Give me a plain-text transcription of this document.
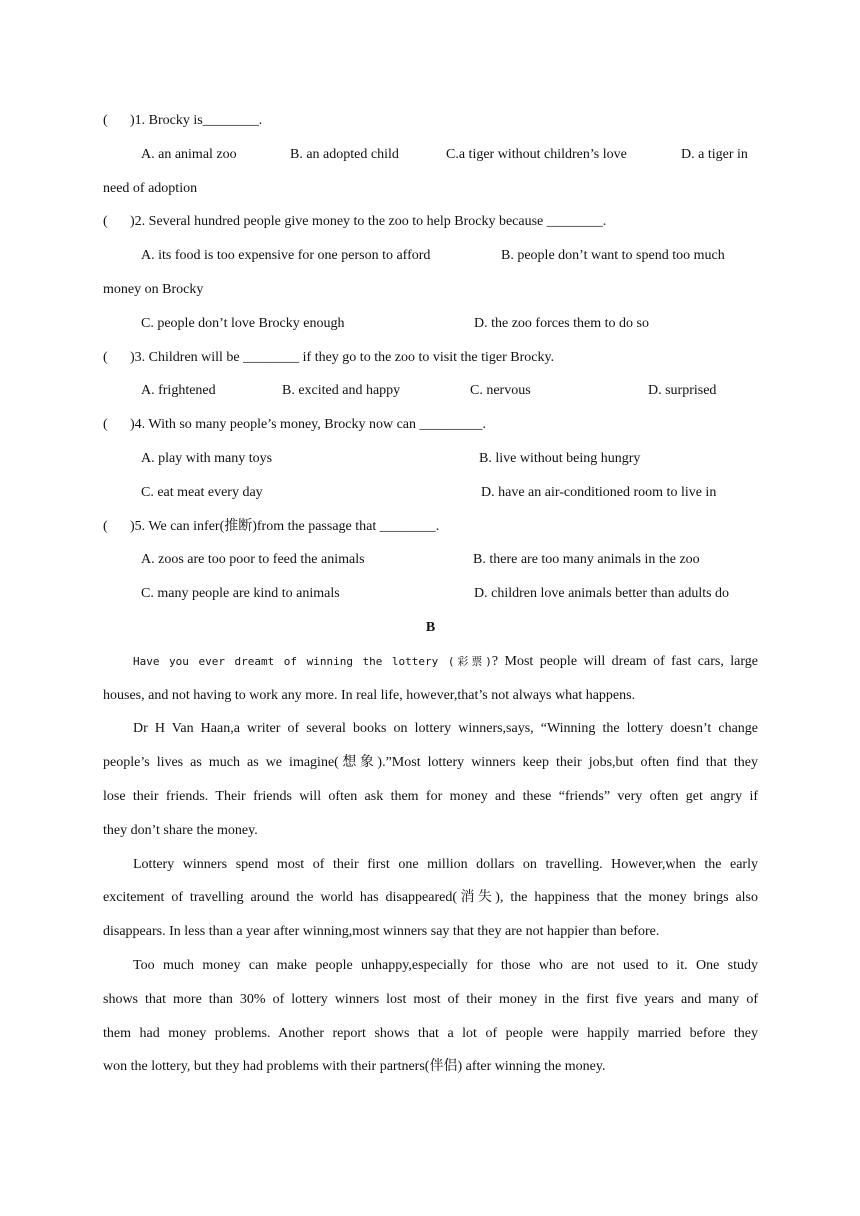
( )1. Brocky is________.
A. an animal zoo	B. an adopted child	C.a tiger without children’s love	D. a tiger in
need of adoption
( )2. Several hundred people give money to the zoo to help Brocky because ________.
A. its food is too expensive for one person to afford	B. people don’t want to spend too much
money on Brocky
C. people don’t love Brocky enough	D. the zoo forces them to do so
( )3. Children will be ________ if they go to the zoo to visit the tiger Brocky.
A. frightened	B. excited and happy	C. nervous	D. surprised
( )4. With so many people’s money, Brocky now can _________.
A. play with many toys	B. live without being hungry
C. eat meat every day	D. have an air-conditioned room to live in
( )5. We can infer(推断)from the passage that ________.
A. zoos are too poor to feed the animals	B. there are too many animals in the zoo
C. many people are kind to animals	D. children love animals better than adults do
B
Have you ever dreamt of winning the lottery (彩票)? Most people will dream of fast cars, large
houses, and not having to work any more. In real life, however,that’s not always what happens.
Dr H Van Haan,a writer of several books on lottery winners,says, “Winning the lottery doesn’t change
people’s lives as much as we imagine(想象).”Most lottery winners keep their jobs,but often find that they
lose their friends. Their friends will often ask them for money and these “friends” very often get angry if
they don’t share the money.
Lottery winners spend most of their first one million dollars on travelling. However,when the early
excitement of travelling around the world has disappeared(消失), the happiness that the money brings also
disappears. In less than a year after winning,most winners say that they are not happier than before.
Too much money can make people unhappy,especially for those who are not used to it. One study
shows that more than 30% of lottery winners lost most of their money in the first five years and many of
them had money problems. Another report shows that a lot of people were happily married before they
won the lottery, but they had problems with their partners(伴侣) after winning the money.
